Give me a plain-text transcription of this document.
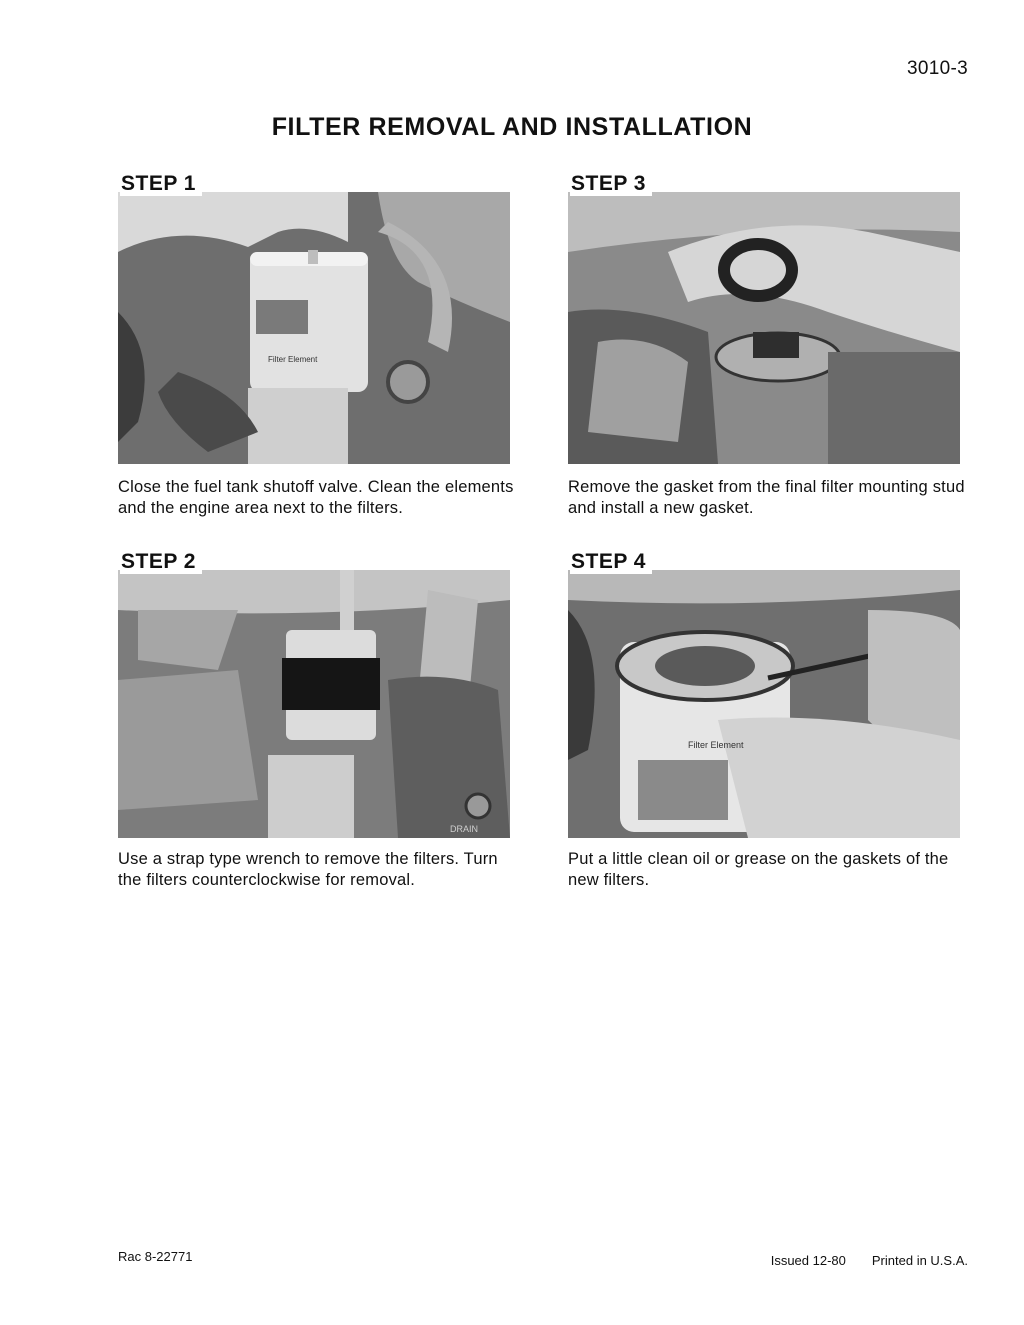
3010-3
FILTER REMOVAL AND INSTALLATION
STEP 1
Filter Element
Close the fuel tank shutoff valve. Clean the elements and the engine area next to the filters.
STEP 3
Remove the gasket from the final filter mounting stud and install a new gasket.
STEP 2
DRAIN
Use a strap type wrench to remove the filters. Turn the filters counterclockwise for removal.
STEP 4
Filter Element
Put a little clean oil or grease on the gaskets of the new filters.
Rac 8-22771	Issued 12-80 Printed in U.S.A.
